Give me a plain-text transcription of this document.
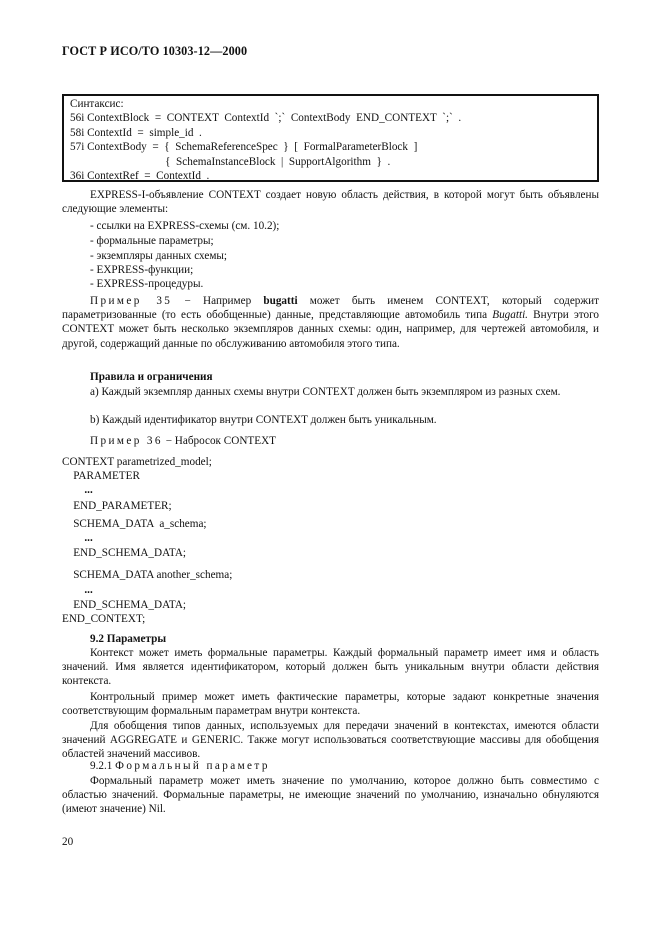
ГОСТ Р ИСО/ТО 10303-12—2000
Синтаксис:
56i ContextBlock  =  CONTEXT  ContextId  `;`  ContextBody  END_CONTEXT  `;`  .
58i ContextId  =  simple_id  .
57i ContextBody  =  {  SchemaReferenceSpec  }  [  FormalParameterBlock  ]
{  SchemaInstanceBlock  |  SupportAlgorithm  }  .
36i ContextRef  =  ContextId  .
EXPRESS-I-объявление CONTEXT создает новую область действия, в которой могут быть объявлены следующие элементы:
- ссылки на EXPRESS-схемы (см. 10.2);
- формальные параметры;
- экземпляры данных схемы;
- EXPRESS-функции;
- EXPRESS-процедуры.
Пример 35 − Например bugatti может быть именем CONTEXT, который содержит параметризованные (то есть обобщенные) данные, представляющие автомобиль типа Bugatti. Внутри этого CONTEXT может быть несколько экземпляров данных схемы: один, например, для чертежей автомобиля, и другой, содержащий данные по обслуживанию автомобиля этого типа.
Правила и ограничения
a) Каждый экземпляр данных схемы внутри CONTEXT должен быть экземпляром из разных схем.
b) Каждый идентификатор внутри CONTEXT должен быть уникальным.
Пример 36 − Набросок CONTEXT
CONTEXT parametrized_model;
PARAMETER
...
END_PARAMETER;
SCHEMA_DATA  a_schema;
...
END_SCHEMA_DATA;
SCHEMA_DATA another_schema;
...
END_SCHEMA_DATA;
END_CONTEXT;
9.2 Параметры
Контекст может иметь формальные параметры. Каждый формальный параметр имеет имя и область значений. Имя является идентификатором, который должен быть уникальным внутри области действия контекста.
Контрольный пример может иметь фактические параметры, которые задают конкретные значения соответствующим формальным параметрам внутри контекста.
Для обобщения типов данных, используемых для передачи значений в контекстах, имеются области значений AGGREGATE и GENERIC. Также могут использоваться соответствующие массивы для обобщения областей значений массивов.
9.2.1 Формальный параметр
Формальный параметр может иметь значение по умолчанию, которое должно быть совместимо с областью значений. Формальные параметры, не имеющие значений по умолчанию, изначально обнуляются (имеют значение) Nil.
20
